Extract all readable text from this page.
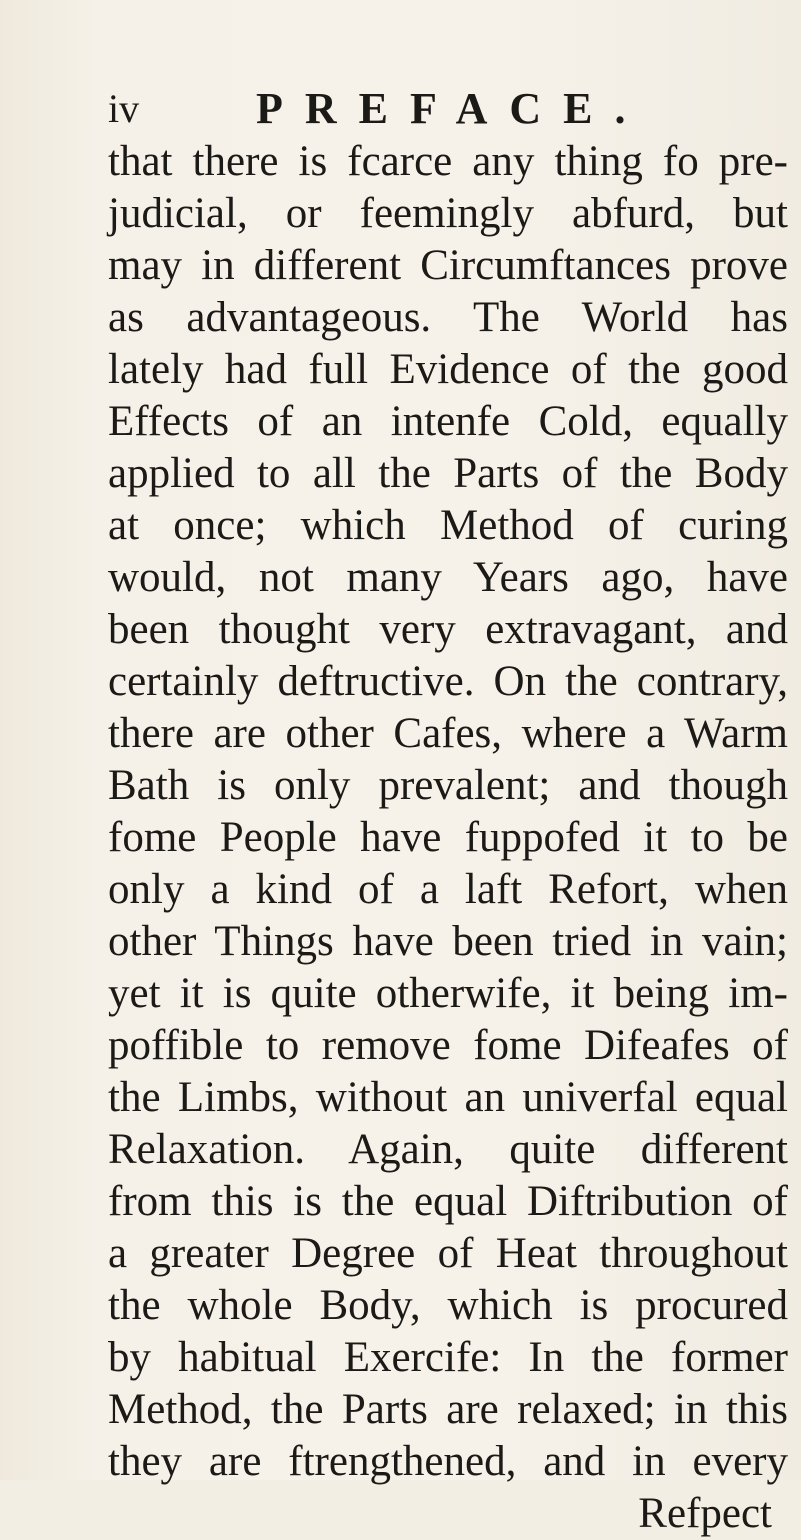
iv	PREFACE.
that there is fcarce any thing fo pre-
judicial, or feemingly abfurd, but
may in different Circumftances prove
as advantageous. The World has
lately had full Evidence of the good
Effects of an intenfe Cold, equally
applied to all the Parts of the Body
at once; which Method of curing
would, not many Years ago, have
been thought very extravagant, and
certainly deftructive. On the contrary,
there are other Cafes, where a Warm
Bath is only prevalent; and though
fome People have fuppofed it to be
only a kind of a laft Refort, when
other Things have been tried in vain;
yet it is quite otherwife, it being im-
poffible to remove fome Difeafes of
the Limbs, without an univerfal equal
Relaxation. Again, quite different
from this is the equal Diftribution of
a greater Degree of Heat throughout
the whole Body, which is procured
by habitual Exercife: In the former
Method, the Parts are relaxed; in this
they are ftrengthened, and in every
Refpect
